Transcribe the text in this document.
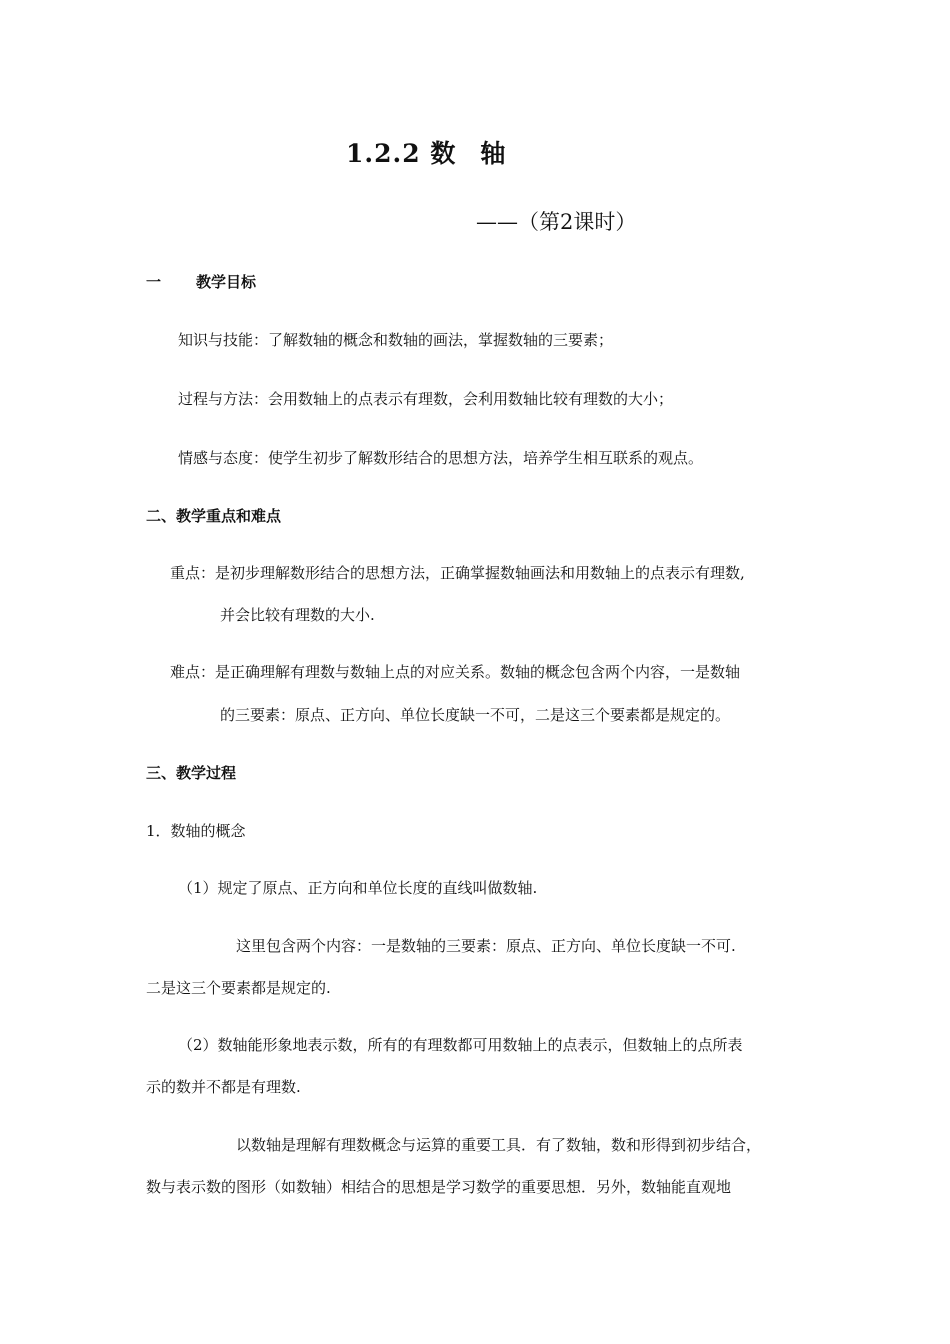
1.2.2 数 轴
——（第2课时）
一 教学目标
知识与技能：了解数轴的概念和数轴的画法，掌握数轴的三要素；
过程与方法：会用数轴上的点表示有理数，会利用数轴比较有理数的大小；
情感与态度：使学生初步了解数形结合的思想方法，培养学生相互联系的观点。
二、教学重点和难点
重点：是初步理解数形结合的思想方法，正确掌握数轴画法和用数轴上的点表示有理数,
并会比较有理数的大小.
难点：是正确理解有理数与数轴上点的对应关系。数轴的概念包含两个内容，一是数轴
的三要素：原点、正方向、单位长度缺一不可，二是这三个要素都是规定的。
三、教学过程
1．数轴的概念
（1）规定了原点、正方向和单位长度的直线叫做数轴.
这里包含两个内容：一是数轴的三要素：原点、正方向、单位长度缺一不可.
二是这三个要素都是规定的.
（2）数轴能形象地表示数，所有的有理数都可用数轴上的点表示，但数轴上的点所表
示的数并不都是有理数.
以数轴是理解有理数概念与运算的重要工具．有了数轴，数和形得到初步结合，
数与表示数的图形（如数轴）相结合的思想是学习数学的重要思想．另外，数轴能直观地
